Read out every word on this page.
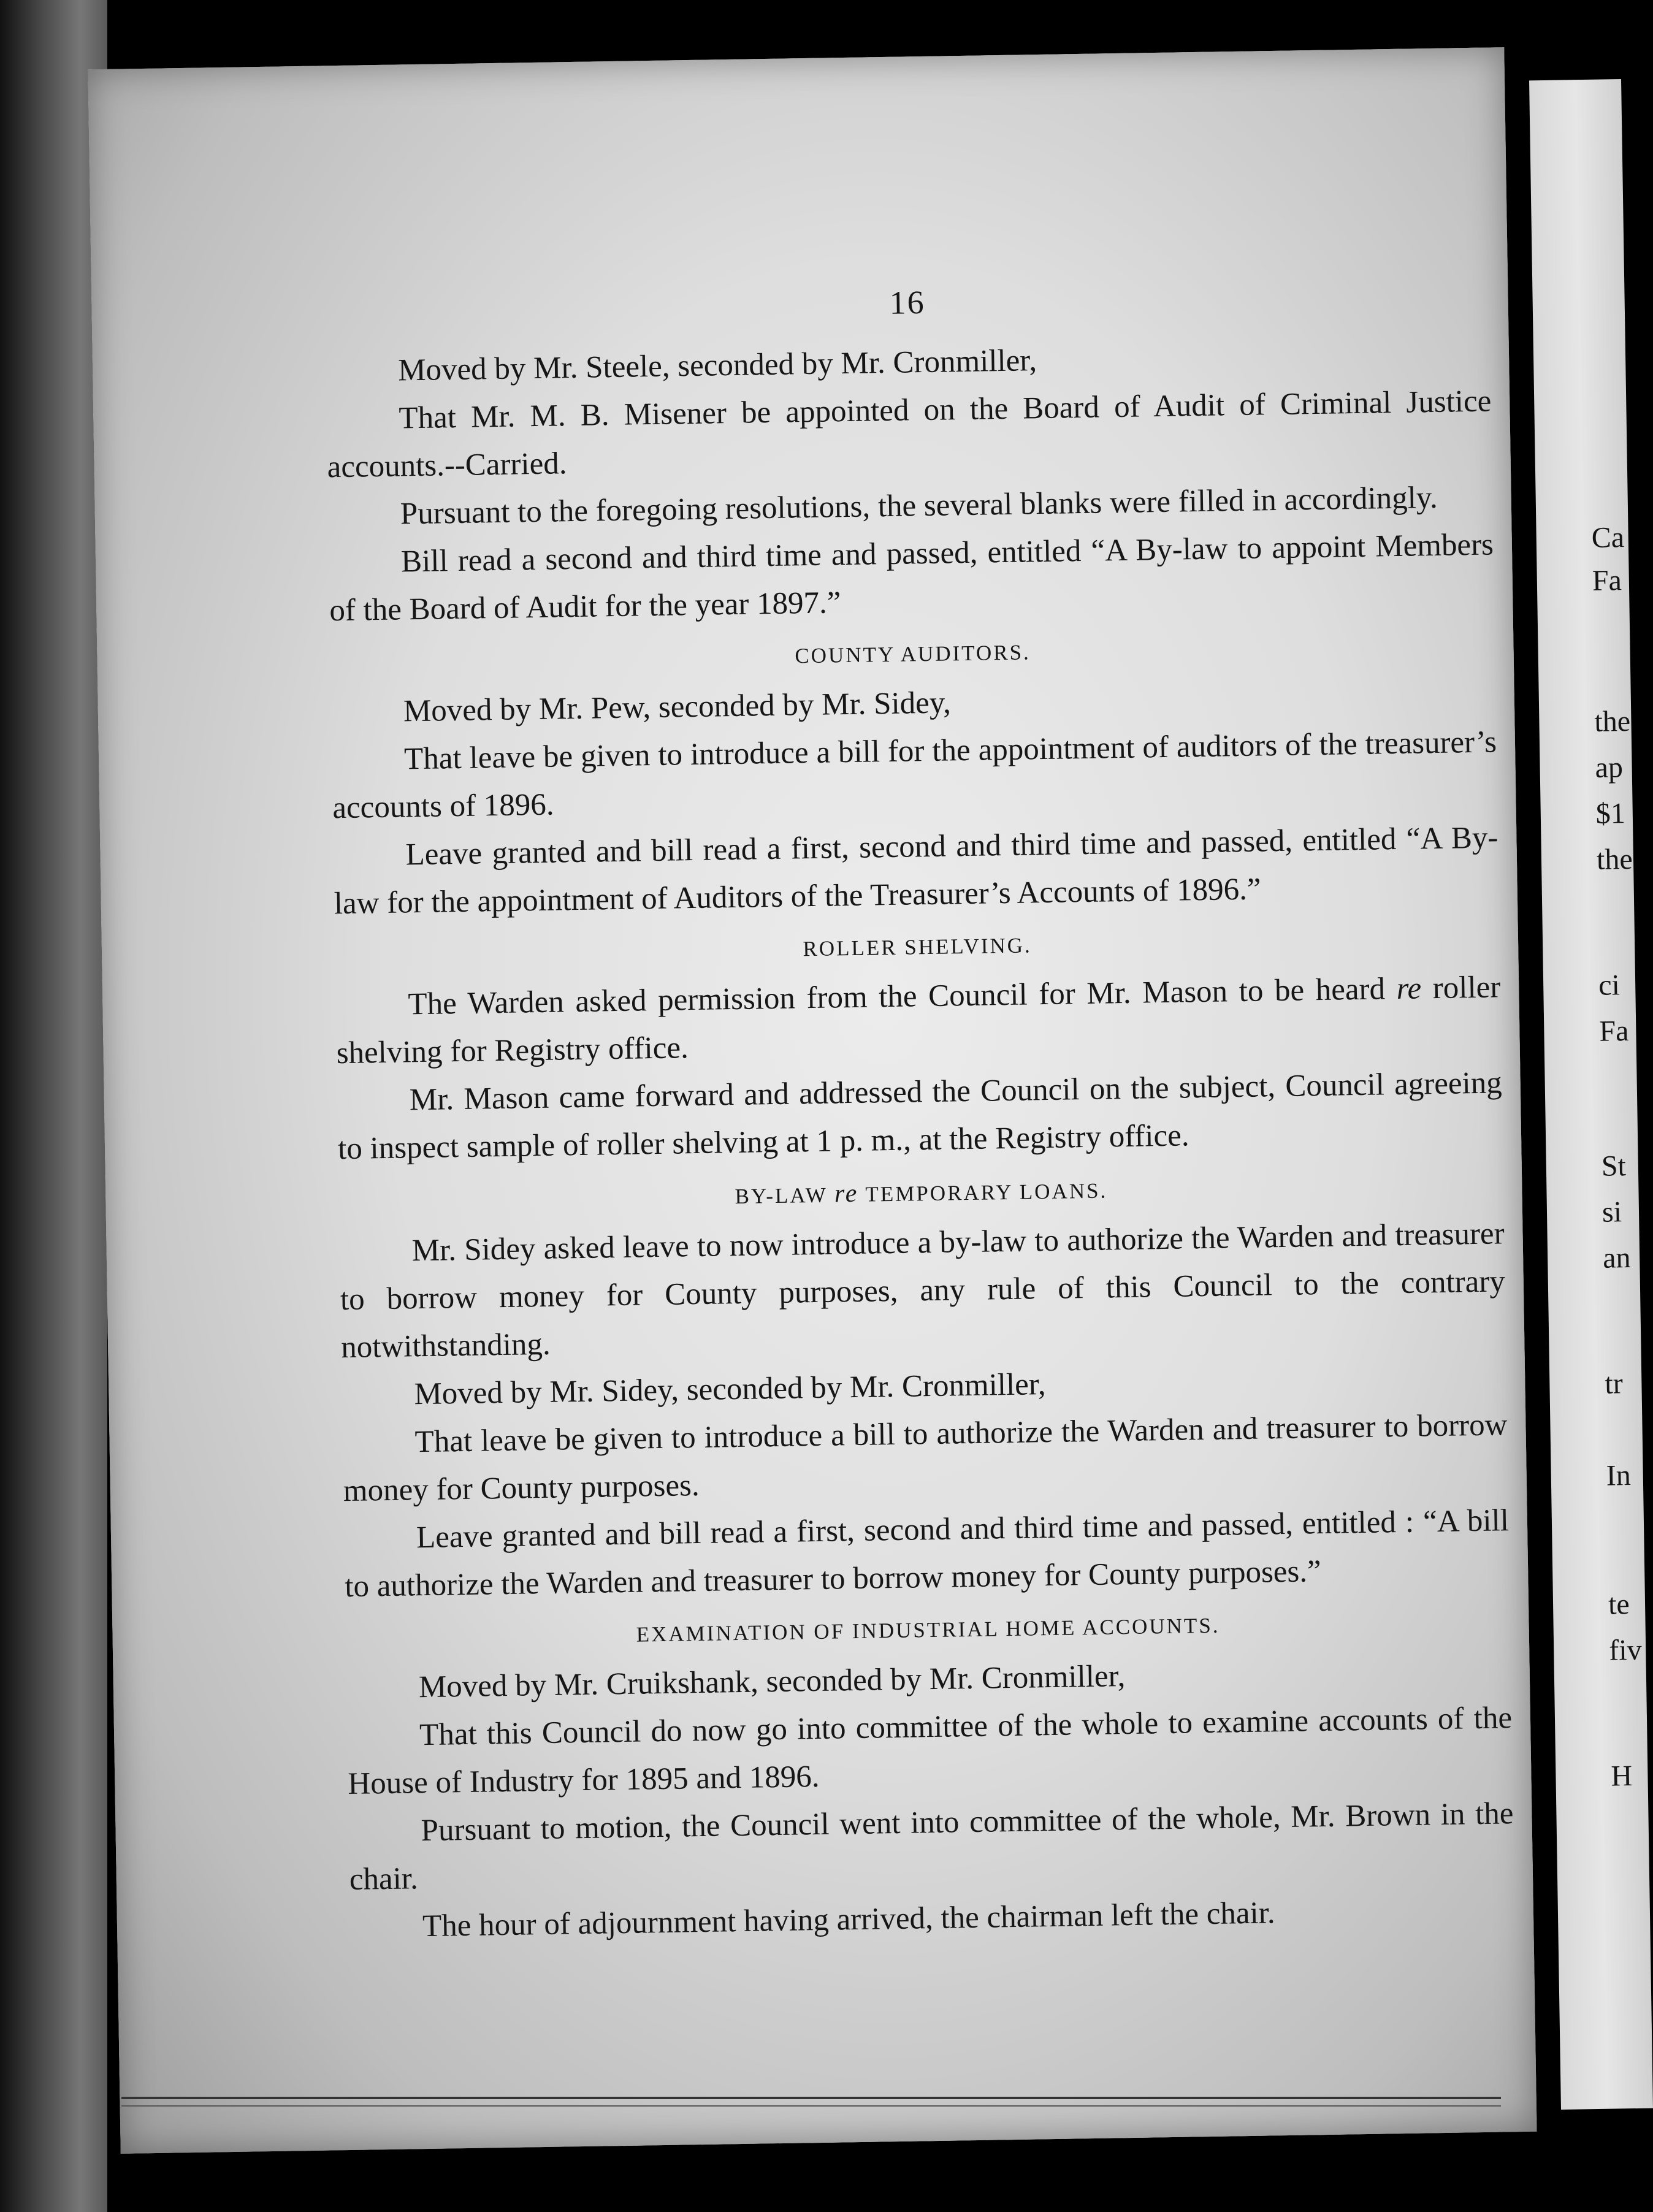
Ca
Fa
the
ap
$1
the
ci
Fa
St
si
an
tr
In
te
fiv
H
16

Moved by Mr. Steele, seconded by Mr. Cronmiller,

That Mr. M. B. Misener be appointed on the Board of Audit of Criminal Justice accounts.--Carried.

Pursuant to the foregoing resolutions, the several blanks were filled in accordingly.

Bill read a second and third time and passed, entitled “A By-law to appoint Members of the Board of Audit for the year 1897.”

COUNTY AUDITORS.

Moved by Mr. Pew, seconded by Mr. Sidey,

That leave be given to introduce a bill for the appointment of auditors of the treasurer’s accounts of 1896.

Leave granted and bill read a first, second and third time and passed, entitled “A By-law for the appointment of Auditors of the Treasurer’s Accounts of 1896.”

ROLLER SHELVING.

The Warden asked permission from the Council for Mr. Mason to be heard re roller shelving for Registry office.

Mr. Mason came forward and addressed the Council on the subject, Council agreeing to inspect sample of roller shelving at 1 p. m., at the Registry office.

BY-LAW re TEMPORARY LOANS.

Mr. Sidey asked leave to now introduce a by-law to authorize the Warden and treasurer to borrow money for County purposes, any rule of this Council to the contrary notwithstanding.

Moved by Mr. Sidey, seconded by Mr. Cronmiller,

That leave be given to introduce a bill to authorize the Warden and treasurer to borrow money for County purposes.

Leave granted and bill read a first, second and third time and passed, entitled : “A bill to authorize the Warden and treasurer to borrow money for County purposes.”

EXAMINATION OF INDUSTRIAL HOME ACCOUNTS.

Moved by Mr. Cruikshank, seconded by Mr. Cronmiller,

That this Council do now go into committee of the whole to examine accounts of the House of Industry for 1895 and 1896.

Pursuant to motion, the Council went into committee of the whole, Mr. Brown in the chair.

The hour of adjournment having arrived, the chairman left the chair.
